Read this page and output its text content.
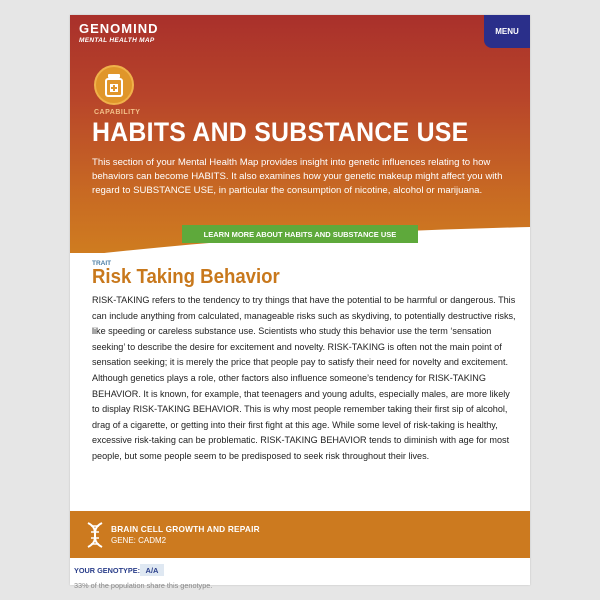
GENOMIND
MENTAL HEALTH MAP
MENU
CAPABILITY
HABITS AND SUBSTANCE USE
This section of your Mental Health Map provides insight into genetic influences relating to how behaviors can become HABITS. It also examines how your genetic makeup might affect you with regard to SUBSTANCE USE, in particular the consumption of nicotine, alcohol or marijuana.
LEARN MORE ABOUT HABITS AND SUBSTANCE USE
TRAIT
Risk Taking Behavior
RISK-TAKING refers to the tendency to try things that have the potential to be harmful or dangerous. This can include anything from calculated, manageable risks such as skydiving, to potentially destructive risks, like speeding or careless substance use. Scientists who study this behavior use the term ‘sensation seeking’ to describe the desire for excitement and novelty. RISK-TAKING is often not the main point of sensation seeking; it is merely the price that people pay to satisfy their need for novelty and excitement. Although genetics plays a role, other factors also influence someone’s tendency for RISK-TAKING BEHAVIOR. It is known, for example, that teenagers and young adults, especially males, are more likely to display RISK-TAKING BEHAVIOR. This is why most people remember taking their first sip of alcohol, drag of a cigarette, or getting into their first fight at this age. While some level of risk-taking is healthy, excessive risk-taking can be problematic. RISK-TAKING BEHAVIOR tends to diminish with age for most people, but some people seem to be predisposed to seek risk throughout their lives.
BRAIN CELL GROWTH AND REPAIR
GENE: CADM2
YOUR GENOTYPE: A/A
33% of the population share this genotype.
